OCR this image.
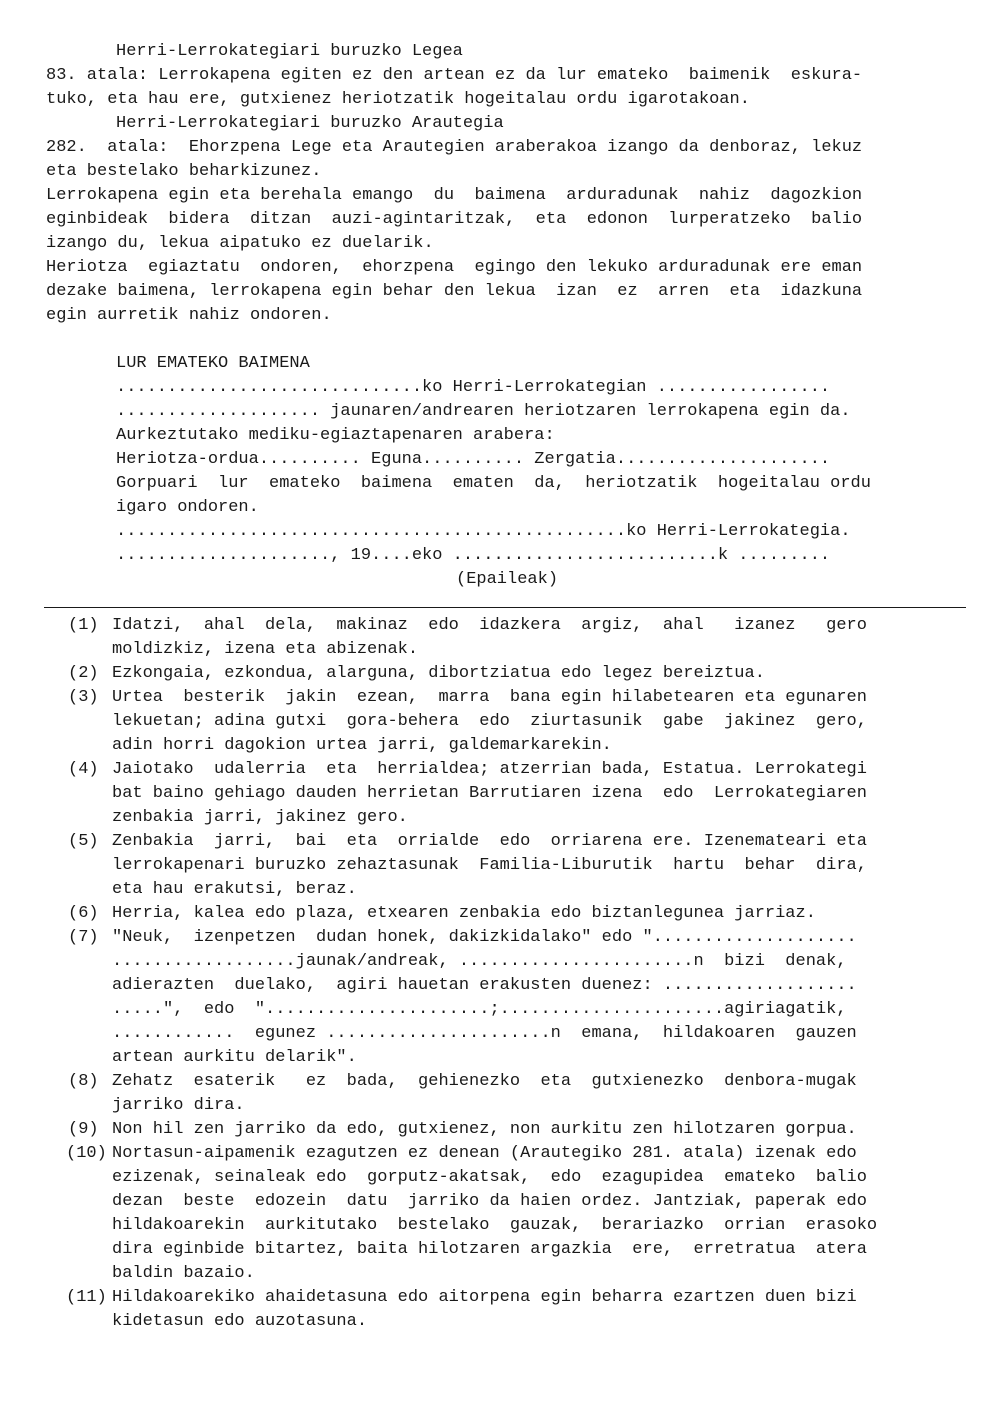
Herri-Lerrokategiari buruzko Legea
83. atala: Lerrokapena egiten ez den artean ez da lur emateko  baimenik  eskura-
tuko, eta hau ere, gutxienez heriotzatik hogeitalau ordu igarotakoan.
Herri-Lerrokategiari buruzko Arautegia
282.  atala:  Ehorzpena Lege eta Arautegien araberakoa izango da denboraz, lekuz
eta bestelako beharkizunez.
Lerrokapena egin eta berehala emango  du  baimena  arduradunak  nahiz  dagozkion
eginbideak  bidera  ditzan  auzi-agintaritzak,  eta  edonon  lurperatzeko  balio
izango du, lekua aipatuko ez duelarik.
Heriotza  egiaztatu  ondoren,  ehorzpena  egingo den lekuko arduradunak ere eman
dezake baimena, lerrokapena egin behar den lekua  izan  ez  arren  eta  idazkuna
egin aurretik nahiz ondoren.
LUR EMATEKO BAIMENA
..............................ko Herri-Lerrokategian .................
.................... jaunaren/andrearen heriotzaren lerrokapena egin da.
Aurkeztutako mediku-egiaztapenaren arabera:
Heriotza-ordua.......... Eguna.......... Zergatia.....................
Gorpuari  lur  emateko  baimena  ematen  da,  heriotzatik  hogeitalau ordu
igaro ondoren.
..................................................ko Herri-Lerrokategia.
....................., 19....eko ..........................k .........
(Epaileak)
(1) Idatzi,  ahal  dela,  makinaz  edo  idazkera  argiz,  ahal   izanez   gero
moldizkiz, izena eta abizenak.
(2) Ezkongaia, ezkondua, alarguna, dibortziatua edo legez bereiztua.
(3) Urtea  besterik  jakin  ezean,  marra  bana egin hilabetearen eta egunaren
lekuetan; adina gutxi  gora-behera  edo  ziurtasunik  gabe  jakinez  gero,
adin horri dagokion urtea jarri, galdemarkarekin.
(4) Jaiotako  udalerria  eta  herrialdea; atzerrian bada, Estatua. Lerrokategi
bat baino gehiago dauden herrietan Barrutiaren izena  edo  Lerrokategiaren
zenbakia jarri, jakinez gero.
(5) Zenbakia  jarri,  bai  eta  orrialde  edo  orriarena ere. Izenemateari eta
lerrokapenari buruzko zehaztasunak  Familia-Liburutik  hartu  behar  dira,
eta hau erakutsi, beraz.
(6) Herria, kalea edo plaza, etxearen zenbakia edo biztanlegunea jarriaz.
(7) "Neuk,  izenpetzen  dudan honek, dakizkidalako" edo "....................
..................jaunak/andreak, .......................n  bizi  denak,
adierazten  duelako,  agiri hauetan erakusten duenez: ...................
.....",  edo  "......................;......................agiriagatik,
............  egunez ......................n  emana,  hildakoaren  gauzen
artean aurkitu delarik".
(8) Zehatz  esaterik   ez  bada,  gehienezko  eta  gutxienezko  denbora-mugak
jarriko dira.
(9) Non hil zen jarriko da edo, gutxienez, non aurkitu zen hilotzaren gorpua.
(10) Nortasun-aipamenik ezagutzen ez denean (Arautegiko 281. atala) izenak edo
ezizenak, seinaleak edo  gorputz-akatsak,  edo  ezagupidea  emateko  balio
dezan  beste  edozein  datu  jarriko da haien ordez. Jantziak, paperak edo
hildakoarekin  aurkitutako  bestelako  gauzak,  berariazko  orrian  erasoko
dira eginbide bitartez, baita hilotzaren argazkia  ere,  erretratua  atera
baldin bazaio.
(11) Hildakoarekiko ahaidetasuna edo aitorpena egin beharra ezartzen duen bizi
kidetasun edo auzotasuna.
